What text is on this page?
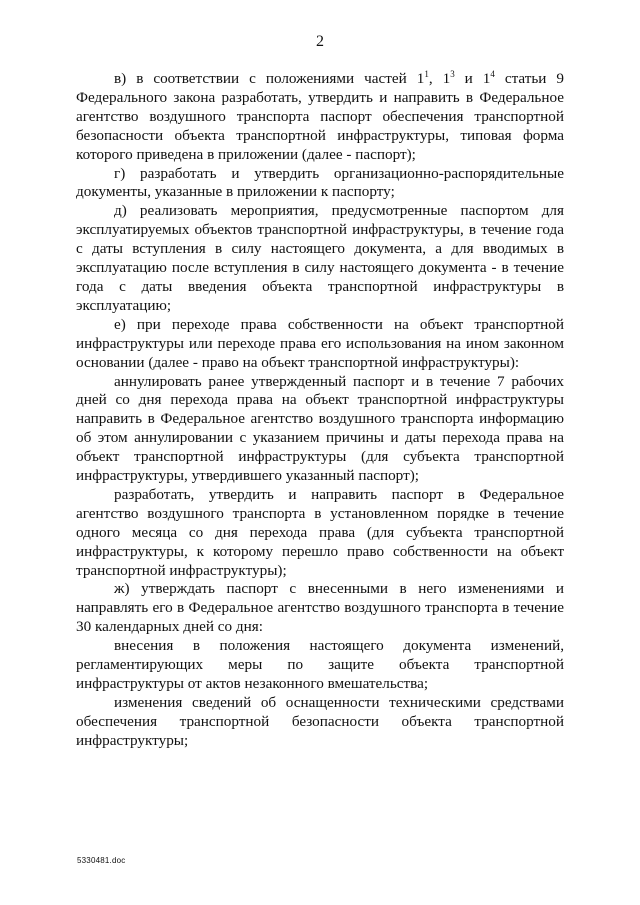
2

в) в соответствии с положениями частей $1^1$, $1^3$ и $1^4$ статьи 9 Федерального закона разработать, утвердить и направить в Федеральное агентство воздушного транспорта паспорт обеспечения транспортной безопасности объекта транспортной инфраструктуры, типовая форма которого приведена в приложении (далее - паспорт);

г) разработать и утвердить организационно-распорядительные документы, указанные в приложении к паспорту;

д) реализовать мероприятия, предусмотренные паспортом для эксплуатируемых объектов транспортной инфраструктуры, в течение года с даты вступления в силу настоящего документа, а для вводимых в эксплуатацию после вступления в силу настоящего документа - в течение года с даты введения объекта транспортной инфраструктуры в эксплуатацию;

е) при переходе права собственности на объект транспортной инфраструктуры или переходе права его использования на ином законном основании (далее - право на объект транспортной инфраструктуры):

аннулировать ранее утвержденный паспорт и в течение 7 рабочих дней со дня перехода права на объект транспортной инфраструктуры направить в Федеральное агентство воздушного транспорта информацию об этом аннулировании с указанием причины и даты перехода права на объект транспортной инфраструктуры (для субъекта транспортной инфраструктуры, утвердившего указанный паспорт);

разработать, утвердить и направить паспорт в Федеральное агентство воздушного транспорта в установленном порядке в течение одного месяца со дня перехода права (для субъекта транспортной инфраструктуры, к которому перешло право собственности на объект транспортной инфраструктуры);

ж) утверждать паспорт с внесенными в него изменениями и направлять его в Федеральное агентство воздушного транспорта в течение 30 календарных дней со дня:

внесения в положения настоящего документа изменений, регламентирующих меры по защите объекта транспортной инфраструктуры от актов незаконного вмешательства;

изменения сведений об оснащенности техническими средствами обеспечения транспортной безопасности объекта транспортной инфраструктуры;

5330481.doc
